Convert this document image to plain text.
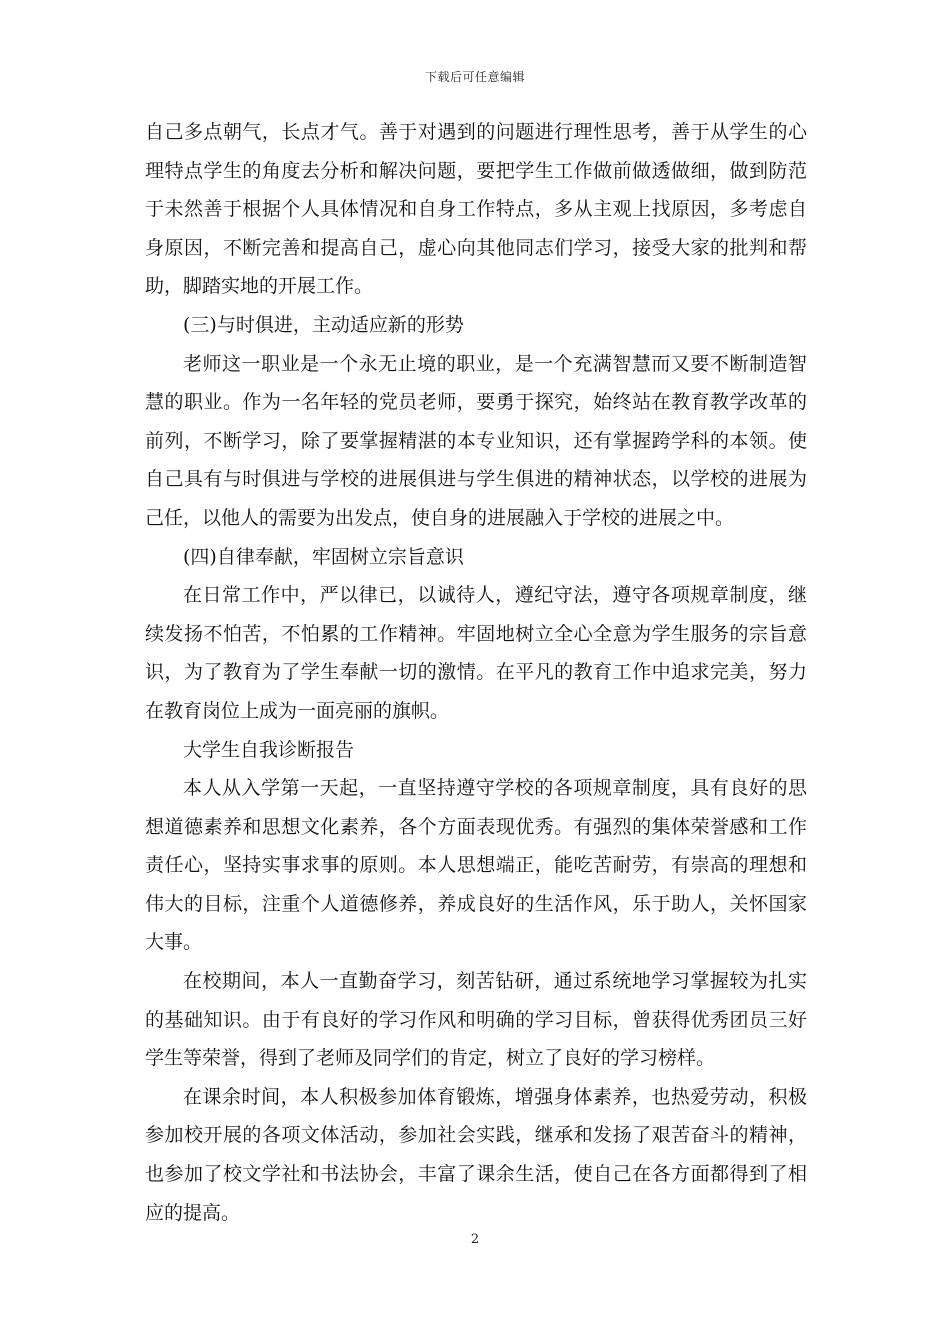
下载后可任意编辑

自己多点朝气，长点才气。善于对遇到的问题进行理性思考，善于从学生的心理特点学生的角度去分析和解决问题，要把学生工作做前做透做细，做到防范于未然善于根据个人具体情况和自身工作特点，多从主观上找原因，多考虑自身原因，不断完善和提高自己，虚心向其他同志们学习，接受大家的批判和帮助，脚踏实地的开展工作。

(三)与时俱进，主动适应新的形势

老师这一职业是一个永无止境的职业，是一个充满智慧而又要不断制造智慧的职业。作为一名年轻的党员老师，要勇于探究，始终站在教育教学改革的前列，不断学习，除了要掌握精湛的本专业知识，还有掌握跨学科的本领。使自己具有与时俱进与学校的进展俱进与学生俱进的精神状态，以学校的进展为己任，以他人的需要为出发点，使自身的进展融入于学校的进展之中。

(四)自律奉献，牢固树立宗旨意识

在日常工作中，严以律已，以诚待人，遵纪守法，遵守各项规章制度，继续发扬不怕苦，不怕累的工作精神。牢固地树立全心全意为学生服务的宗旨意识，为了教育为了学生奉献一切的激情。在平凡的教育工作中追求完美，努力在教育岗位上成为一面亮丽的旗帜。

大学生自我诊断报告

本人从入学第一天起，一直坚持遵守学校的各项规章制度，具有良好的思想道德素养和思想文化素养，各个方面表现优秀。有强烈的集体荣誉感和工作责任心，坚持实事求事的原则。本人思想端正，能吃苦耐劳，有崇高的理想和伟大的目标，注重个人道德修养，养成良好的生活作风，乐于助人，关怀国家大事。

在校期间，本人一直勤奋学习，刻苦钻研，通过系统地学习掌握较为扎实的基础知识。由于有良好的学习作风和明确的学习目标，曾获得优秀团员三好学生等荣誉，得到了老师及同学们的肯定，树立了良好的学习榜样。

在课余时间，本人积极参加体育锻炼，增强身体素养，也热爱劳动，积极参加校开展的各项文体活动，参加社会实践，继承和发扬了艰苦奋斗的精神，也参加了校文学社和书法协会，丰富了课余生活，使自己在各方面都得到了相应的提高。

2
